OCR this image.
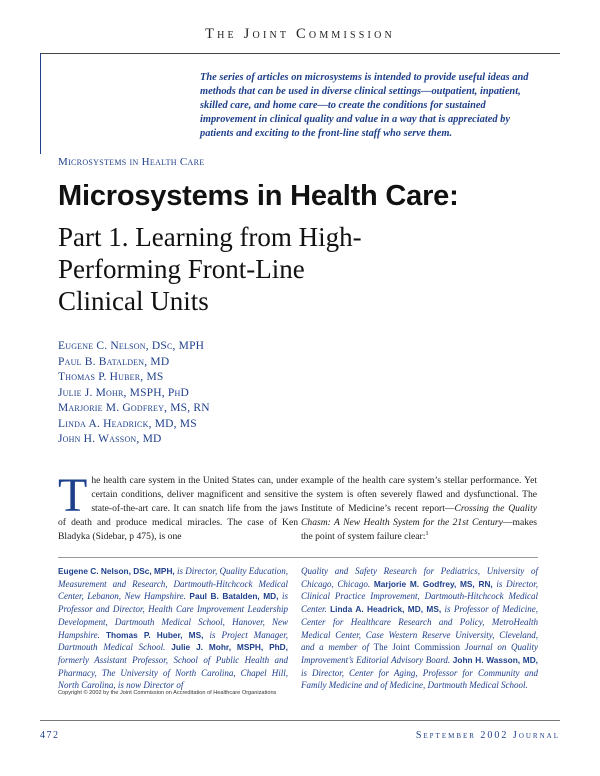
The Joint Commission
The series of articles on microsystems is intended to provide useful ideas and methods that can be used in diverse clinical settings—outpatient, inpatient, skilled care, and home care—to create the conditions for sustained improvement in clinical quality and value in a way that is appreciated by patients and exciting to the front-line staff who serve them.
Microsystems in Health Care
Microsystems in Health Care:
Part 1. Learning from High-
Performing Front-Line
Clinical Units
Eugene C. Nelson, DSc, MPH
Paul B. Batalden, MD
Thomas P. Huber, MS
Julie J. Mohr, MSPH, PhD
Marjorie M. Godfrey, MS, RN
Linda A. Headrick, MD, MS
John H. Wasson, MD
The health care system in the United States can, under certain conditions, deliver magnificent and sensitive state-of-the-art care. It can snatch life from the jaws of death and produce medical miracles. The case of Ken Bladyka (Sidebar, p 475), is one
example of the health care system’s stellar performance. Yet the system is often severely flawed and dysfunctional. The Institute of Medicine’s recent report—Crossing the Quality Chasm: A New Health System for the 21st Century—makes the point of system failure clear:$^1$
Eugene C. Nelson, DSc, MPH, is Director, Quality Education, Measurement and Research, Dartmouth-Hitchcock Medical Center, Lebanon, New Hampshire. Paul B. Batalden, MD, is Professor and Director, Health Care Improvement Leadership Development, Dartmouth Medical School, Hanover, New Hampshire. Thomas P. Huber, MS, is Project Manager, Dartmouth Medical School. Julie J. Mohr, MSPH, PhD, formerly Assistant Professor, School of Public Health and Pharmacy, The University of North Carolina, Chapel Hill, North Carolina, is now Director of
Quality and Safety Research for Pediatrics, University of Chicago, Chicago. Marjorie M. Godfrey, MS, RN, is Director, Clinical Practice Improvement, Dartmouth-Hitchcock Medical Center. Linda A. Headrick, MD, MS, is Professor of Medicine, Center for Healthcare Research and Policy, MetroHealth Medical Center, Case Western Reserve University, Cleveland, and a member of The Joint Commission Journal on Quality Improvement’s Editorial Advisory Board. John H. Wasson, MD, is Director, Center for Aging, Professor for Community and Family Medicine and of Medicine, Dartmouth Medical School.
Copyright © 2002 by the Joint Commission on Accreditation of Healthcare Organizations
472	September 2002 Journal
